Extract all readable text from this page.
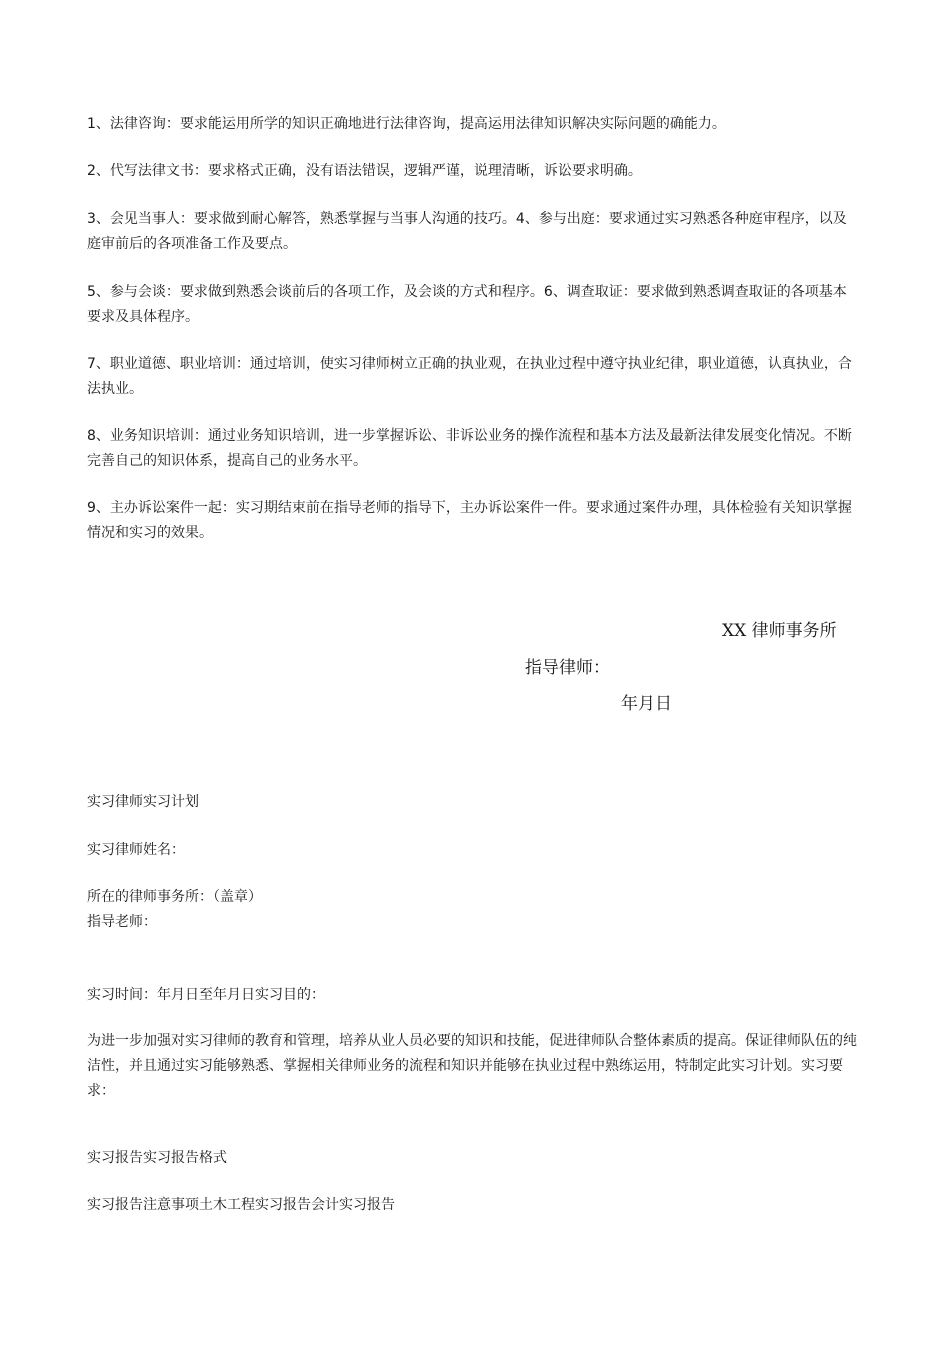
1、法律咨询：要求能运用所学的知识正确地进行法律咨询，提高运用法律知识解决实际问题的确能力。

2、代写法律文书：要求格式正确，没有语法错误，逻辑严谨，说理清晰，诉讼要求明确。

3、会见当事人：要求做到耐心解答，熟悉掌握与当事人沟通的技巧。4、参与出庭：要求通过实习熟悉各种庭审程序，以及庭审前后的各项准备工作及要点。

5、参与会谈：要求做到熟悉会谈前后的各项工作，及会谈的方式和程序。6、调查取证：要求做到熟悉调查取证的各项基本要求及具体程序。

7、职业道德、职业培训：通过培训，使实习律师树立正确的执业观，在执业过程中遵守执业纪律，职业道德，认真执业，合法执业。

8、业务知识培训：通过业务知识培训，进一步掌握诉讼、非诉讼业务的操作流程和基本方法及最新法律发展变化情况。不断完善自己的知识体系，提高自己的业务水平。

9、主办诉讼案件一起：实习期结束前在指导老师的指导下，主办诉讼案件一件。要求通过案件办理，具体检验有关知识掌握情况和实习的效果。

XX 律师事务所

指导律师：

年月日

实习律师实习计划

实习律师姓名：

所在的律师事务所：（盖章）指导老师：

实习时间：年月日至年月日实习目的：

为进一步加强对实习律师的教育和管理，培养从业人员必要的知识和技能，促进律师队合整体素质的提高。保证律师队伍的纯洁性，并且通过实习能够熟悉、掌握相关律师业务的流程和知识并能够在执业过程中熟练运用，特制定此实习计划。实习要求：

实习报告实习报告格式

实习报告注意事项土木工程实习报告会计实习报告
